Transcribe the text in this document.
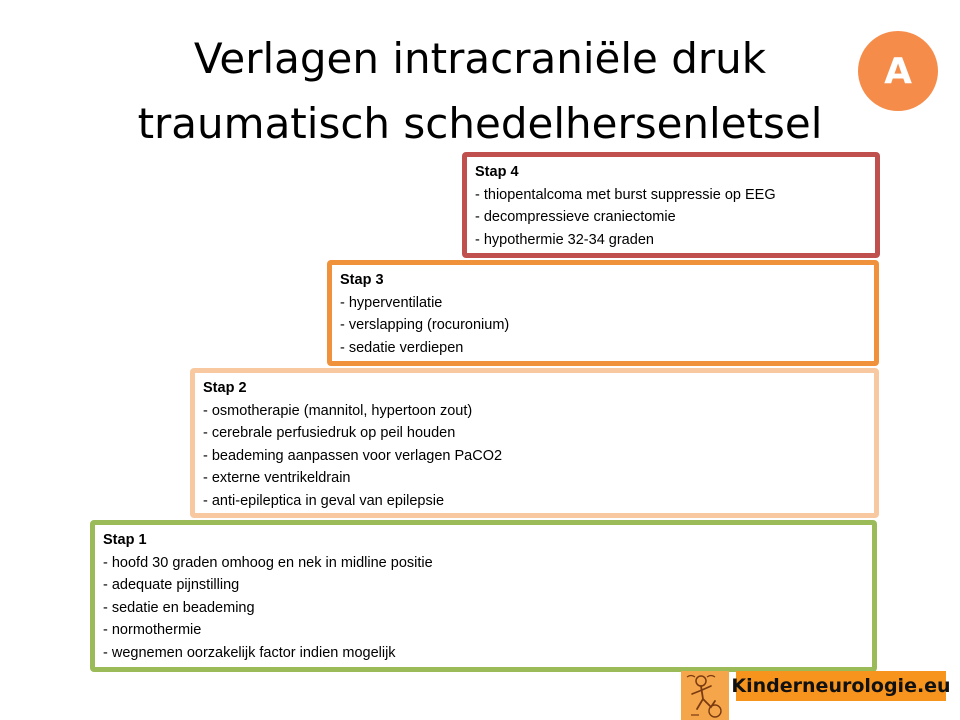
Verlagen intracraniële druk
traumatisch schedelhersenletsel
A
Stap 4
- thiopentalcoma met burst suppressie op EEG
- decompressieve craniectomie
- hypothermie 32-34 graden
Stap 3
- hyperventilatie
- verslapping (rocuronium)
- sedatie verdiepen
Stap 2
- osmotherapie (mannitol, hypertoon zout)
- cerebrale perfusiedruk op peil houden
- beademing aanpassen voor verlagen PaCO2
- externe ventrikeldrain
- anti-epileptica in geval van epilepsie
Stap 1
- hoofd 30 graden omhoog en nek in midline positie
- adequate pijnstilling
- sedatie en beademing
- normothermie
- wegnemen oorzakelijk factor indien mogelijk
Kinderneurologie.eu
